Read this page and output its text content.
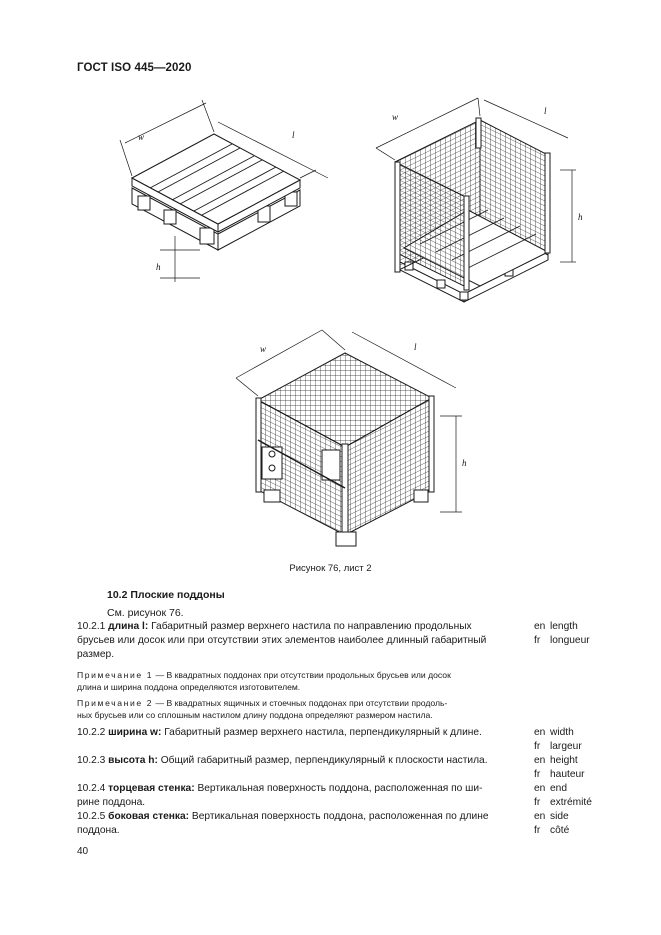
ГОСТ ISO 445—2020
w	l
h
w
l
h
w	l
h
Рисунок 76, лист 2
10.2 Плоские поддоны
См. рисунок 76.
10.2.1 длина l: Габаритный размер верхнего настила по направлению продольных
брусьев или досок или при отсутствии этих элементов наиболее длинный габаритный
размер.
en length
fr longueur
Примечание 1 — В квадратных поддонах при отсутствии продольных брусьев или досок
длина и ширина поддона определяются изготовителем.
Примечание 2 — В квадратных ящичных и стоечных поддонах при отсутствии продоль-
ных брусьев или со сплошным настилом длину поддона определяют размером настила.
10.2.2 ширина w: Габаритный размер верхнего настила, перпендикулярный к длине.	en width
fr largeur
10.2.3 высота h: Общий габаритный размер, перпендикулярный к плоскости настила.	en height
fr hauteur
10.2.4 торцевая стенка: Вертикальная поверхность поддона, расположенная по ши-
рине поддона.
en end
fr extrémité
10.2.5 боковая стенка: Вертикальная поверхность поддона, расположенная по длине
поддона.
en side
fr côté
40
